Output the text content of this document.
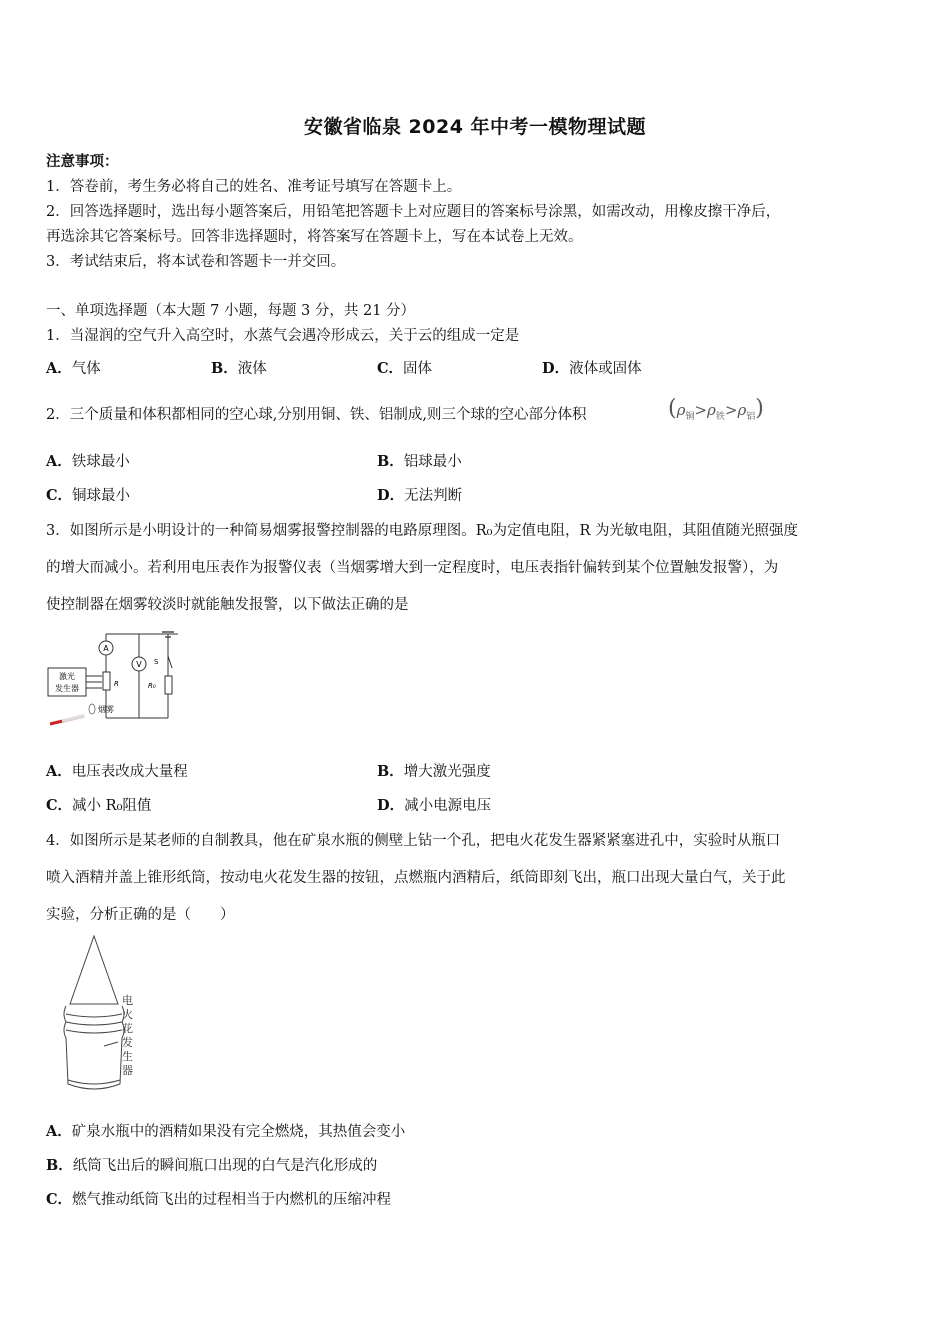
安徽省临泉 2024 年中考一模物理试题
注意事项：
1．答卷前，考生务必将自己的姓名、准考证号填写在答题卡上。
2．回答选择题时，选出每小题答案后，用铅笔把答题卡上对应题目的答案标号涂黑，如需改动，用橡皮擦干净后，
再选涂其它答案标号。回答非选择题时，将答案写在答题卡上，写在本试卷上无效。
3．考试结束后，将本试卷和答题卡一并交回。
一、单项选择题（本大题 7 小题，每题 3 分，共 21 分）
1．当湿润的空气升入高空时，水蒸气会遇冷形成云，关于云的组成一定是
A．气体	B．液体	C．固体	D．液体或固体
2．三个质量和体积都相同的空心球,分别用铜、铁、铝制成,则三个球的空心部分体积	$(\rho_铜>\rho_铁>\rho_铝)$
A．铁球最小	B．铝球最小
C．铜球最小	D．无法判断
3．如图所示是小明设计的一种简易烟雾报警控制器的电路原理图。R₀为定值电阻，R 为光敏电阻，其阻值随光照强度
的增大而减小。若利用电压表作为报警仪表（当烟雾增大到一定程度时，电压表指针偏转到某个位置触发报警），为
使控制器在烟雾较淡时就能触发报警，以下做法正确的是
A
V S
R	R₀
激光
发生器
烟雾
A．电压表改成大量程	B．增大激光强度
C．减小 R₀阻值	D．减小电源电压
4．如图所示是某老师的自制教具，他在矿泉水瓶的侧壁上钻一个孔，把电火花发生器紧紧塞进孔中，实验时从瓶口
喷入酒精并盖上锥形纸筒，按动电火花发生器的按钮，点燃瓶内酒精后，纸筒即刻飞出，瓶口出现大量白气，关于此
实验，分析正确的是（　　）
电
火
花
发
生
器
A．矿泉水瓶中的酒精如果没有完全燃烧，其热值会变小
B．纸筒飞出后的瞬间瓶口出现的白气是汽化形成的
C．燃气推动纸筒飞出的过程相当于内燃机的压缩冲程
